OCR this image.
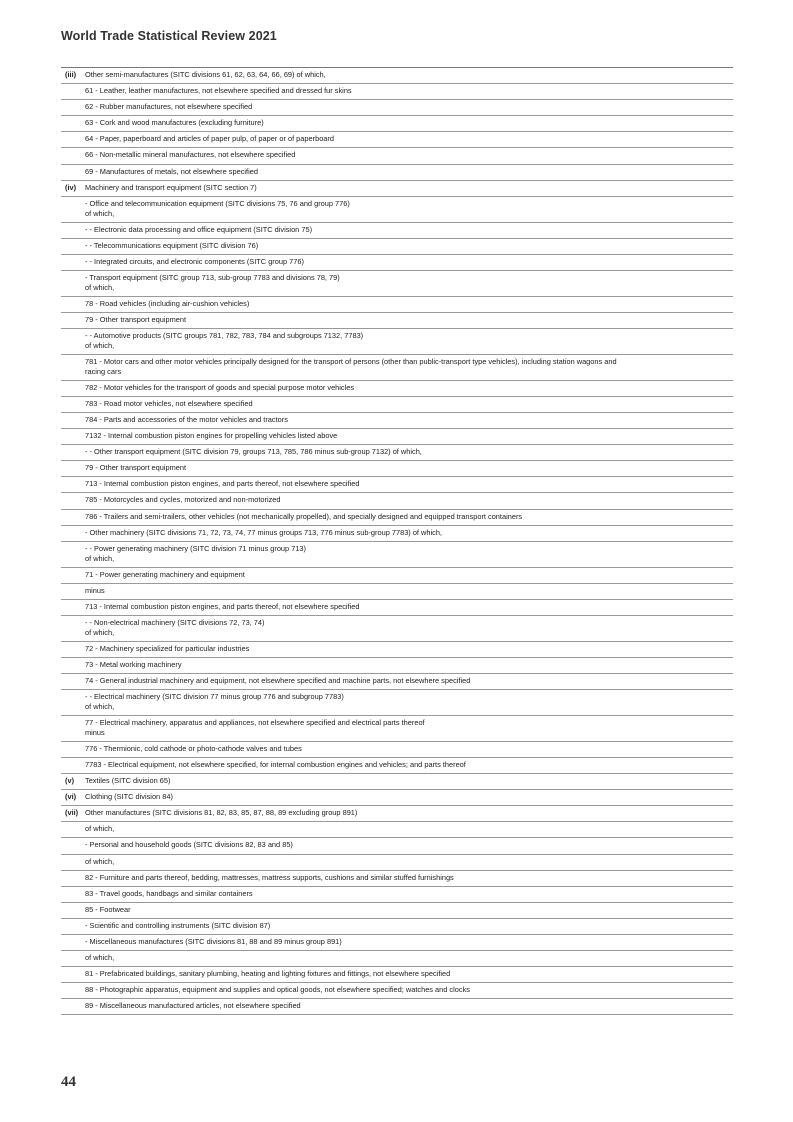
World Trade Statistical Review 2021
(iii)	Other semi-manufactures (SITC divisions 61, 62, 63, 64, 66, 69) of which,
61 - Leather, leather manufactures, not elsewhere specified and dressed fur skins
62 - Rubber manufactures, not elsewhere specified
63 - Cork and wood manufactures (excluding furniture)
64 - Paper, paperboard and articles of paper pulp, of paper or of paperboard
66 - Non-metallic mineral manufactures, not elsewhere specified
69 - Manufactures of metals, not elsewhere specified
(iv)	Machinery and transport equipment (SITC section 7)
- Office and telecommunication equipment (SITC divisions 75, 76 and group 776)
of which,
- - Electronic data processing and office equipment (SITC division 75)
- - Telecommunications equipment (SITC division 76)
- - Integrated circuits, and electronic components (SITC group 776)
- Transport equipment (SITC group 713, sub-group 7783 and divisions 78, 79)
of which,
78 - Road vehicles (including air-cushion vehicles)
79 - Other transport equipment
- - Automotive products (SITC groups 781, 782, 783, 784 and subgroups 7132, 7783)
of which,
781 - Motor cars and other motor vehicles principally designed for the transport of persons (other than public-transport type vehicles), including station wagons and
racing cars
782 - Motor vehicles for the transport of goods and special purpose motor vehicles
783 - Road motor vehicles, not elsewhere specified
784 - Parts and accessories of the motor vehicles and tractors
7132 - Internal combustion piston engines for propelling vehicles listed above
- - Other transport equipment (SITC division 79, groups 713, 785, 786 minus sub-group 7132) of which,
79 - Other transport equipment
713 - Internal combustion piston engines, and parts thereof, not elsewhere specified
785 - Motorcycles and cycles, motorized and non-motorized
786 - Trailers and semi-trailers, other vehicles (not mechanically propelled), and specially designed and equipped transport containers
- Other machinery (SITC divisions 71, 72, 73, 74, 77 minus groups 713, 776 minus sub-group 7783) of which,
- - Power generating machinery (SITC division 71 minus group 713)
of which,
71 - Power generating machinery and equipment
minus
713 - Internal combustion piston engines, and parts thereof, not elsewhere specified
- - Non-electrical machinery (SITC divisions 72, 73, 74)
of which,
72 - Machinery specialized for particular industries
73 - Metal working machinery
74 - General industrial machinery and equipment, not elsewhere specified and machine parts, not elsewhere specified
- - Electrical machinery (SITC division 77 minus group 776 and subgroup 7783)
of which,
77 - Electrical machinery, apparatus and appliances, not elsewhere specified and electrical parts thereof
minus
776 - Thermionic, cold cathode or photo-cathode valves and tubes
7783 - Electrical equipment, not elsewhere specified, for internal combustion engines and vehicles; and parts thereof
(v)	Textiles (SITC division 65)
(vi)	Clothing (SITC division 84)
(vii) Other manufactures (SITC divisions 81, 82, 83, 85, 87, 88, 89 excluding group 891)
of which,
- Personal and household goods (SITC divisions 82, 83 and 85)
of which,
82 - Furniture and parts thereof, bedding, mattresses, mattress supports, cushions and similar stuffed furnishings
83 - Travel goods, handbags and similar containers
85 - Footwear
- Scientific and controlling instruments (SITC division 87)
- Miscellaneous manufactures (SITC divisions 81, 88 and 89 minus group 891)
of which,
81 - Prefabricated buildings, sanitary plumbing, heating and lighting fixtures and fittings, not elsewhere specified
88 - Photographic apparatus, equipment and supplies and optical goods, not elsewhere specified; watches and clocks
89 - Miscellaneous manufactured articles, not elsewhere specified
44
